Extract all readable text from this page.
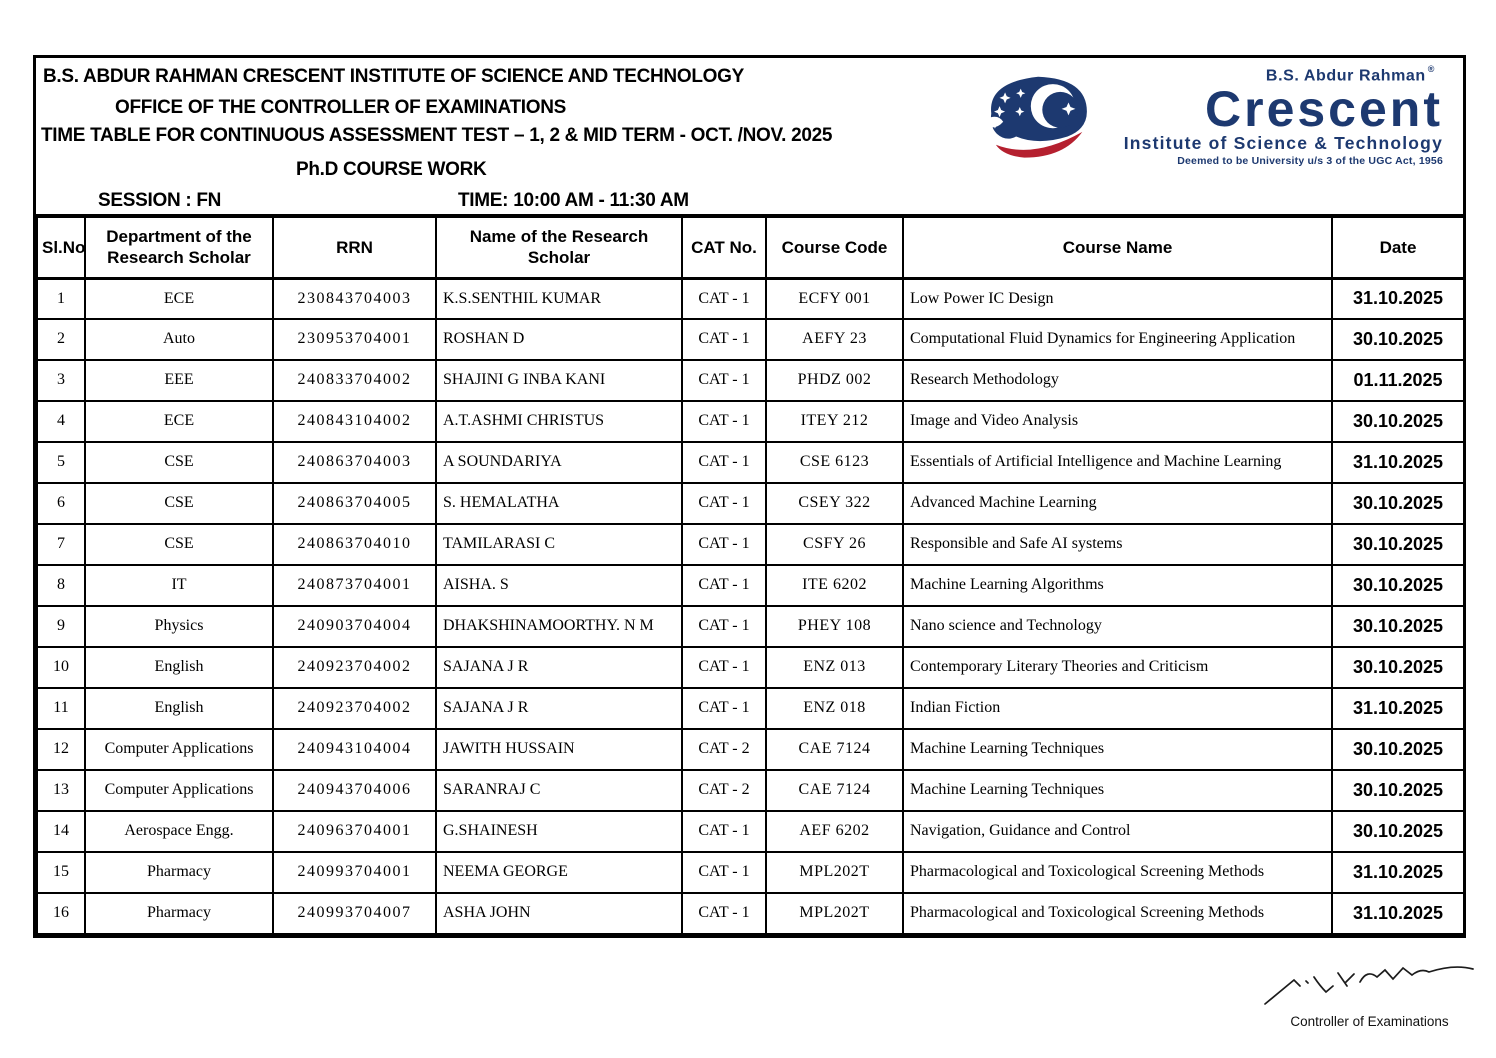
B.S. ABDUR RAHMAN CRESCENT INSTITUTE OF SCIENCE AND TECHNOLOGY
OFFICE OF THE CONTROLLER OF EXAMINATIONS
TIME TABLE FOR CONTINUOUS ASSESSMENT TEST – 1, 2 & MID TERM - OCT. /NOV. 2025
Ph.D COURSE WORK
SESSION : FN	TIME: 10:00 AM - 11:30 AM
B.S. Abdur Rahman ®
Crescent
Institute of Science & Technology
Deemed to be University u/s 3 of the UGC Act, 1956
Sl.No	Department of the Research Scholar	RRN	Name of the Research Scholar	CAT No.	Course Code	Course Name	Date
1	ECE	230843704003	K.S.SENTHIL KUMAR	CAT - 1	ECFY 001	Low Power IC Design	31.10.2025
2	Auto	230953704001	ROSHAN D	CAT - 1	AEFY 23	Computational Fluid Dynamics for Engineering Application	30.10.2025
3	EEE	240833704002	SHAJINI G INBA KANI	CAT - 1	PHDZ 002	Research Methodology	01.11.2025
4	ECE	240843104002	A.T.ASHMI CHRISTUS	CAT - 1	ITEY 212	Image and Video Analysis	30.10.2025
5	CSE	240863704003	A SOUNDARIYA	CAT - 1	CSE 6123	Essentials of Artificial Intelligence and Machine Learning	31.10.2025
6	CSE	240863704005	S. HEMALATHA	CAT - 1	CSEY 322	Advanced Machine Learning	30.10.2025
7	CSE	240863704010	TAMILARASI C	CAT - 1	CSFY 26	Responsible and Safe AI systems	30.10.2025
8	IT	240873704001	AISHA. S	CAT - 1	ITE 6202	Machine Learning Algorithms	30.10.2025
9	Physics	240903704004	DHAKSHINAMOORTHY. N M	CAT - 1	PHEY 108	Nano science and Technology	30.10.2025
10	English	240923704002	SAJANA J R	CAT - 1	ENZ 013	Contemporary Literary Theories and Criticism	30.10.2025
11	English	240923704002	SAJANA J R	CAT - 1	ENZ 018	Indian Fiction	31.10.2025
12	Computer Applications	240943104004	JAWITH HUSSAIN	CAT - 2	CAE 7124	Machine Learning Techniques	30.10.2025
13	Computer Applications	240943704006	SARANRAJ C	CAT - 2	CAE 7124	Machine Learning Techniques	30.10.2025
14	Aerospace Engg.	240963704001	G.SHAINESH	CAT - 1	AEF 6202	Navigation, Guidance and Control	30.10.2025
15	Pharmacy	240993704001	NEEMA GEORGE	CAT - 1	MPL202T	Pharmacological and Toxicological Screening Methods	31.10.2025
16	Pharmacy	240993704007	ASHA JOHN	CAT - 1	MPL202T	Pharmacological and Toxicological Screening Methods	31.10.2025
Controller of Examinations
